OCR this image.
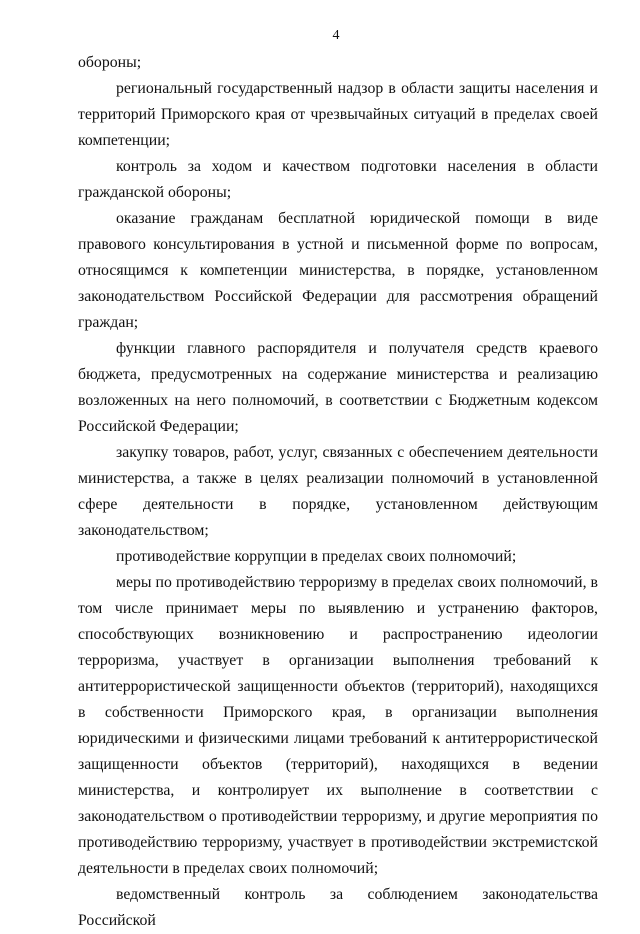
4

обороны;

региональный государственный надзор в области защиты населения и территорий Приморского края от чрезвычайных ситуаций в пределах своей компетенции;

контроль за ходом и качеством подготовки населения в области гражданской обороны;

оказание гражданам бесплатной юридической помощи в виде правового консультирования в устной и письменной форме по вопросам, относящимся к компетенции министерства, в порядке, установленном законодательством Российской Федерации для рассмотрения обращений граждан;

функции главного распорядителя и получателя средств краевого бюджета, предусмотренных на содержание министерства и реализацию возложенных на него полномочий, в соответствии с Бюджетным кодексом Российской Федерации;

закупку товаров, работ, услуг, связанных с обеспечением деятельности министерства, а также в целях реализации полномочий в установленной сфере деятельности в порядке, установленном действующим законодательством;

противодействие коррупции в пределах своих полномочий;

меры по противодействию терроризму в пределах своих полномочий, в том числе принимает меры по выявлению и устранению факторов, способствующих возникновению и распространению идеологии терроризма, участвует в организации выполнения требований к антитеррористической защищенности объектов (территорий), находящихся в собственности Приморского края, в организации выполнения юридическими и физическими лицами требований к антитеррористической защищенности объектов (территорий), находящихся в ведении министерства, и контролирует их выполнение в соответствии с законодательством о противодействии терроризму, и другие мероприятия по противодействию терроризму, участвует в противодействии экстремистской деятельности в пределах своих полномочий;

ведомственный контроль за соблюдением законодательства Российской
